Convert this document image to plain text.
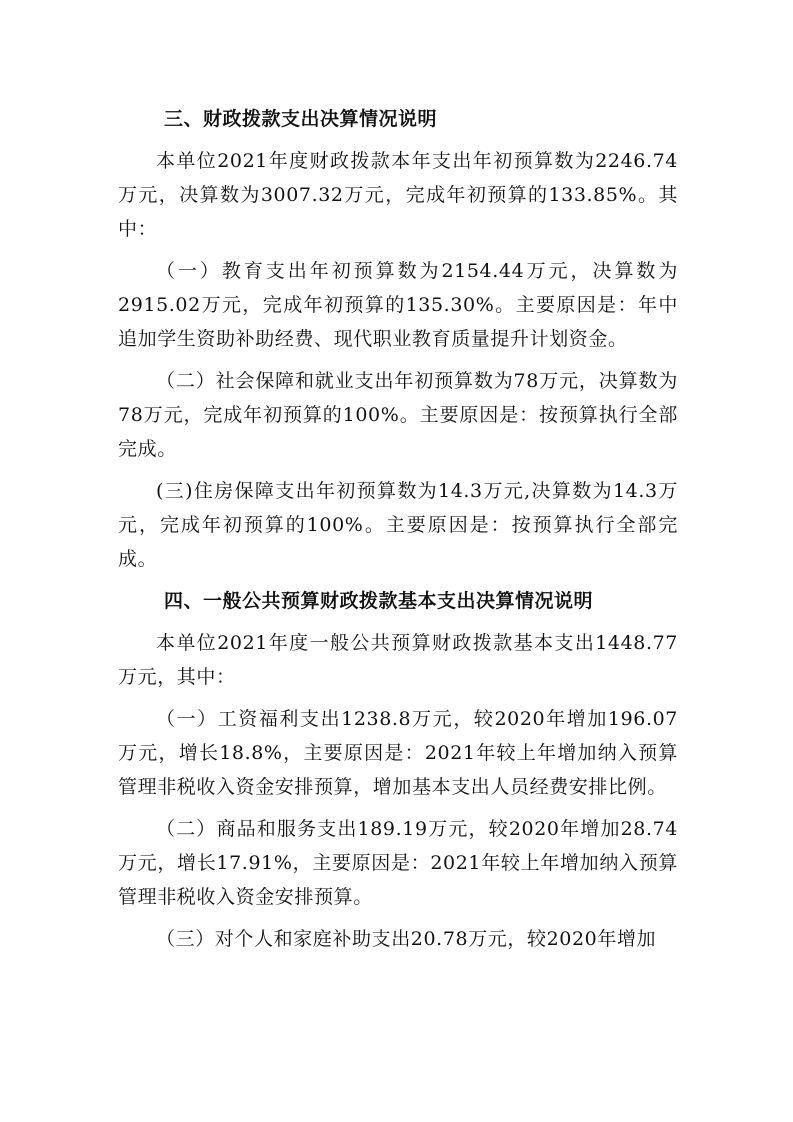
三、财政拨款支出决算情况说明

本单位2021年度财政拨款本年支出年初预算数为2246.74万元，决算数为3007.32万元，完成年初预算的133.85%。其中：

（一）教育支出年初预算数为2154.44万元，决算数为2915.02万元，完成年初预算的135.30%。主要原因是：年中追加学生资助补助经费、现代职业教育质量提升计划资金。

（二）社会保障和就业支出年初预算数为78万元，决算数为78万元，完成年初预算的100%。主要原因是：按预算执行全部完成。

(三)住房保障支出年初预算数为14.3万元,决算数为14.3万元，完成年初预算的100%。主要原因是：按预算执行全部完成。

四、一般公共预算财政拨款基本支出决算情况说明

本单位2021年度一般公共预算财政拨款基本支出1448.77万元，其中：

（一）工资福利支出1238.8万元，较2020年增加196.07万元，增长18.8%，主要原因是：2021年较上年增加纳入预算管理非税收入资金安排预算，增加基本支出人员经费安排比例。

（二）商品和服务支出189.19万元，较2020年增加28.74万元，增长17.91%，主要原因是：2021年较上年增加纳入预算管理非税收入资金安排预算。

（三）对个人和家庭补助支出20.78万元，较2020年增加
